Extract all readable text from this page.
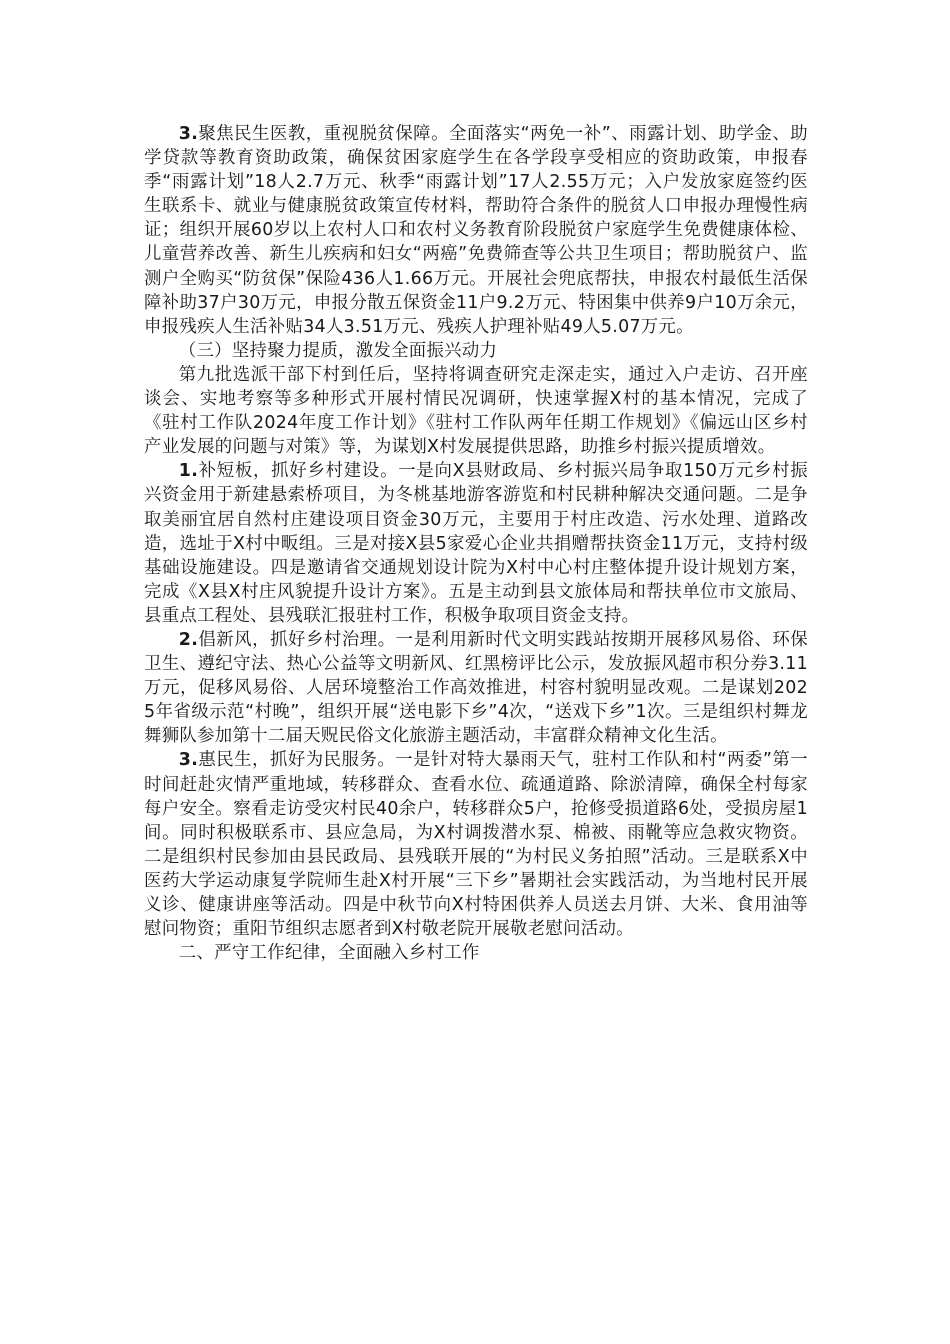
3.聚焦民生医教，重视脱贫保障。全面落实“两免一补”、雨露计划、助学金、助学贷款等教育资助政策，确保贫困家庭学生在各学段享受相应的资助政策，申报春季“雨露计划”18人2.7万元、秋季“雨露计划”17人2.55万元；入户发放家庭签约医生联系卡、就业与健康脱贫政策宣传材料，帮助符合条件的脱贫人口申报办理慢性病证；组织开展60岁以上农村人口和农村义务教育阶段脱贫户家庭学生免费健康体检、儿童营养改善、新生儿疾病和妇女“两癌”免费筛查等公共卫生项目；帮助脱贫户、监测户全购买“防贫保”保险436人1.66万元。开展社会兜底帮扶，申报农村最低生活保障补助37户30万元，申报分散五保资金11户9.2万元、特困集中供养9户10万余元，申报残疾人生活补贴34人3.51万元、残疾人护理补贴49人5.07万元。

（三）坚持聚力提质，激发全面振兴动力

第九批选派干部下村到任后，坚持将调查研究走深走实，通过入户走访、召开座谈会、实地考察等多种形式开展村情民况调研，快速掌握X村的基本情况，完成了《驻村工作队2024年度工作计划》《驻村工作队两年任期工作规划》《偏远山区乡村产业发展的问题与对策》等，为谋划X村发展提供思路，助推乡村振兴提质增效。

1.补短板，抓好乡村建设。一是向X县财政局、乡村振兴局争取150万元乡村振兴资金用于新建悬索桥项目，为冬桃基地游客游览和村民耕种解决交通问题。二是争取美丽宜居自然村庄建设项目资金30万元，主要用于村庄改造、污水处理、道路改造，选址于X村中畈组。三是对接X县5家爱心企业共捐赠帮扶资金11万元，支持村级基础设施建设。四是邀请省交通规划设计院为X村中心村庄整体提升设计规划方案，完成《X县X村庄风貌提升设计方案》。五是主动到县文旅体局和帮扶单位市文旅局、县重点工程处、县残联汇报驻村工作，积极争取项目资金支持。

2.倡新风，抓好乡村治理。一是利用新时代文明实践站按期开展移风易俗、环保卫生、遵纪守法、热心公益等文明新风、红黑榜评比公示，发放振风超市积分券3.11万元，促移风易俗、人居环境整治工作高效推进，村容村貌明显改观。二是谋划2025年省级示范“村晚”，组织开展“送电影下乡”4次，“送戏下乡”1次。三是组织村舞龙舞狮队参加第十二届天贶民俗文化旅游主题活动，丰富群众精神文化生活。

3.惠民生，抓好为民服务。一是针对特大暴雨天气，驻村工作队和村“两委”第一时间赶赴灾情严重地域，转移群众、查看水位、疏通道路、除淤清障，确保全村每家每户安全。察看走访受灾村民40余户，转移群众5户，抢修受损道路6处，受损房屋1间。同时积极联系市、县应急局，为X村调拨潜水泵、棉被、雨靴等应急救灾物资。二是组织村民参加由县民政局、县残联开展的“为村民义务拍照”活动。三是联系X中医药大学运动康复学院师生赴X村开展“三下乡”暑期社会实践活动，为当地村民开展义诊、健康讲座等活动。四是中秋节向X村特困供养人员送去月饼、大米、食用油等慰问物资；重阳节组织志愿者到X村敬老院开展敬老慰问活动。

二、严守工作纪律，全面融入乡村工作
